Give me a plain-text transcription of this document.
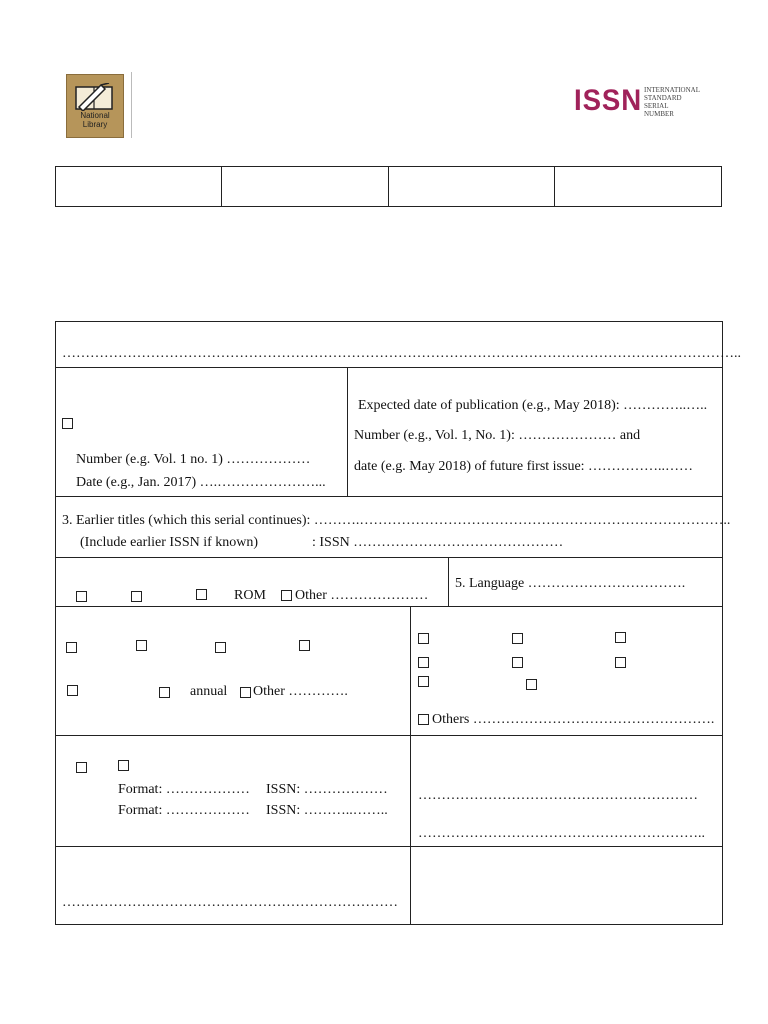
National Library
ISSN INTERNATIONAL
STANDARD
SERIAL
NUMBER
………………………………………………………………………………………………………………………………..
Number (e.g. Vol. 1 no. 1) ………………
Date (e.g., Jan. 2017) ….…………………...
Expected date of publication (e.g., May 2018): …………..…..
Number (e.g., Vol. 1, No. 1): ………………… and
date (e.g. May 2018) of future first issue: ……………..……
3. Earlier titles (which this serial continues): ……….……………………………………………………………………..
(Include earlier ISSN if known)	: ISSN ………………………………………
ROM Other …………………
5. Language …………………………….
annual Other ………….
Others …………………………………………….
Format: ……………… ISSN: ………………
Format: ……………… ISSN: ………..……..
……………………………………………………
……………………………………………………..
………………………………………………………………
